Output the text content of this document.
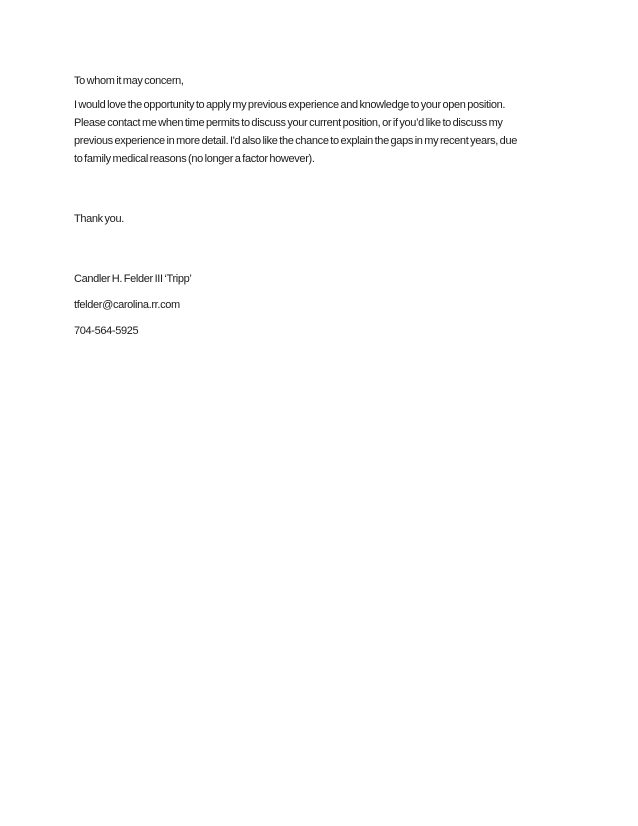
To whom it may concern,

I would love the opportunity to apply my previous experience and knowledge to your open position.
Please contact me when time permits to discuss your current position, or if you’d like to discuss my
previous experience in more detail. I'd also like the chance to explain the gaps in my recent years, due
to family medical reasons (no longer a factor however).

Thank you.

Candler H. Felder III ‘Tripp’

tfelder@carolina.rr.com

704-564-5925
